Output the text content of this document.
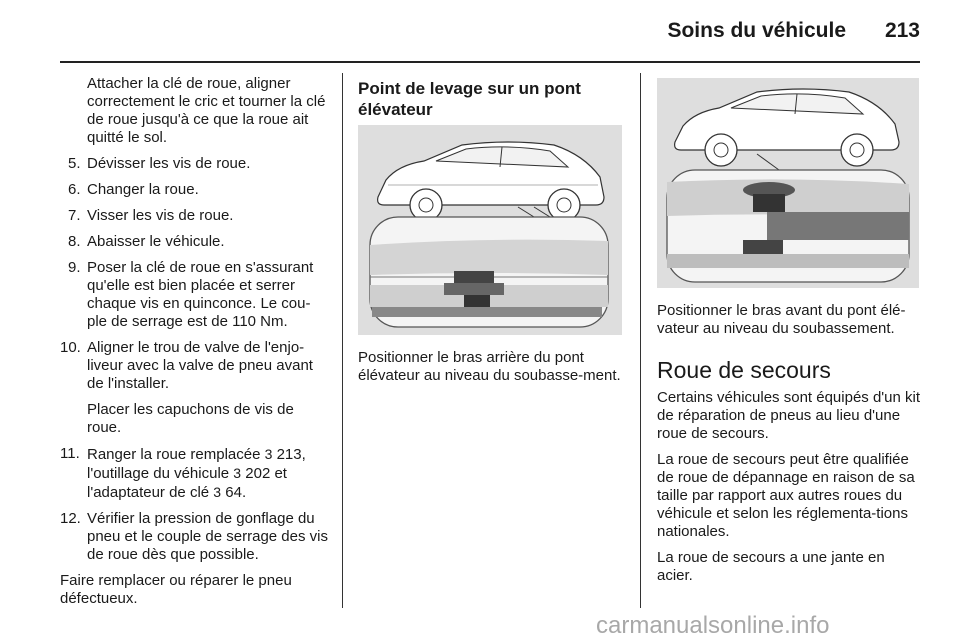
Soins du véhicule	213

Attacher la clé de roue, aligner correctement le cric et tourner la clé de roue jusqu'à ce que la roue ait quitté le sol.

5. Dévisser les vis de roue.
6. Changer la roue.
7. Visser les vis de roue.
8. Abaisser le véhicule.
9. Poser la clé de roue en s'assurant qu'elle est bien placée et serrer chaque vis en quinconce. Le cou-ple de serrage est de 110 Nm.
10. Aligner le trou de valve de l'enjo-liveur avec la valve de pneu avant de l'installer.

Placer les capuchons de vis de roue.

11. Ranger la roue remplacée 3 213, l'outillage du véhicule 3 202 et l'adaptateur de clé 3 64.
12. Vérifier la pression de gonflage du pneu et le couple de serrage des vis de roue dès que possible.

Faire remplacer ou réparer le pneu défectueux.

Point de levage sur un pont élévateur

Positionner le bras arrière du pont élévateur au niveau du soubasse-ment.

Positionner le bras avant du pont élé-vateur au niveau du soubassement.

Roue de secours

Certains véhicules sont équipés d'un kit de réparation de pneus au lieu d'une roue de secours.

La roue de secours peut être qualifiée de roue de dépannage en raison de sa taille par rapport aux autres roues du véhicule et selon les réglementa-tions nationales.

La roue de secours a une jante en acier.

carmanualsonline.info
